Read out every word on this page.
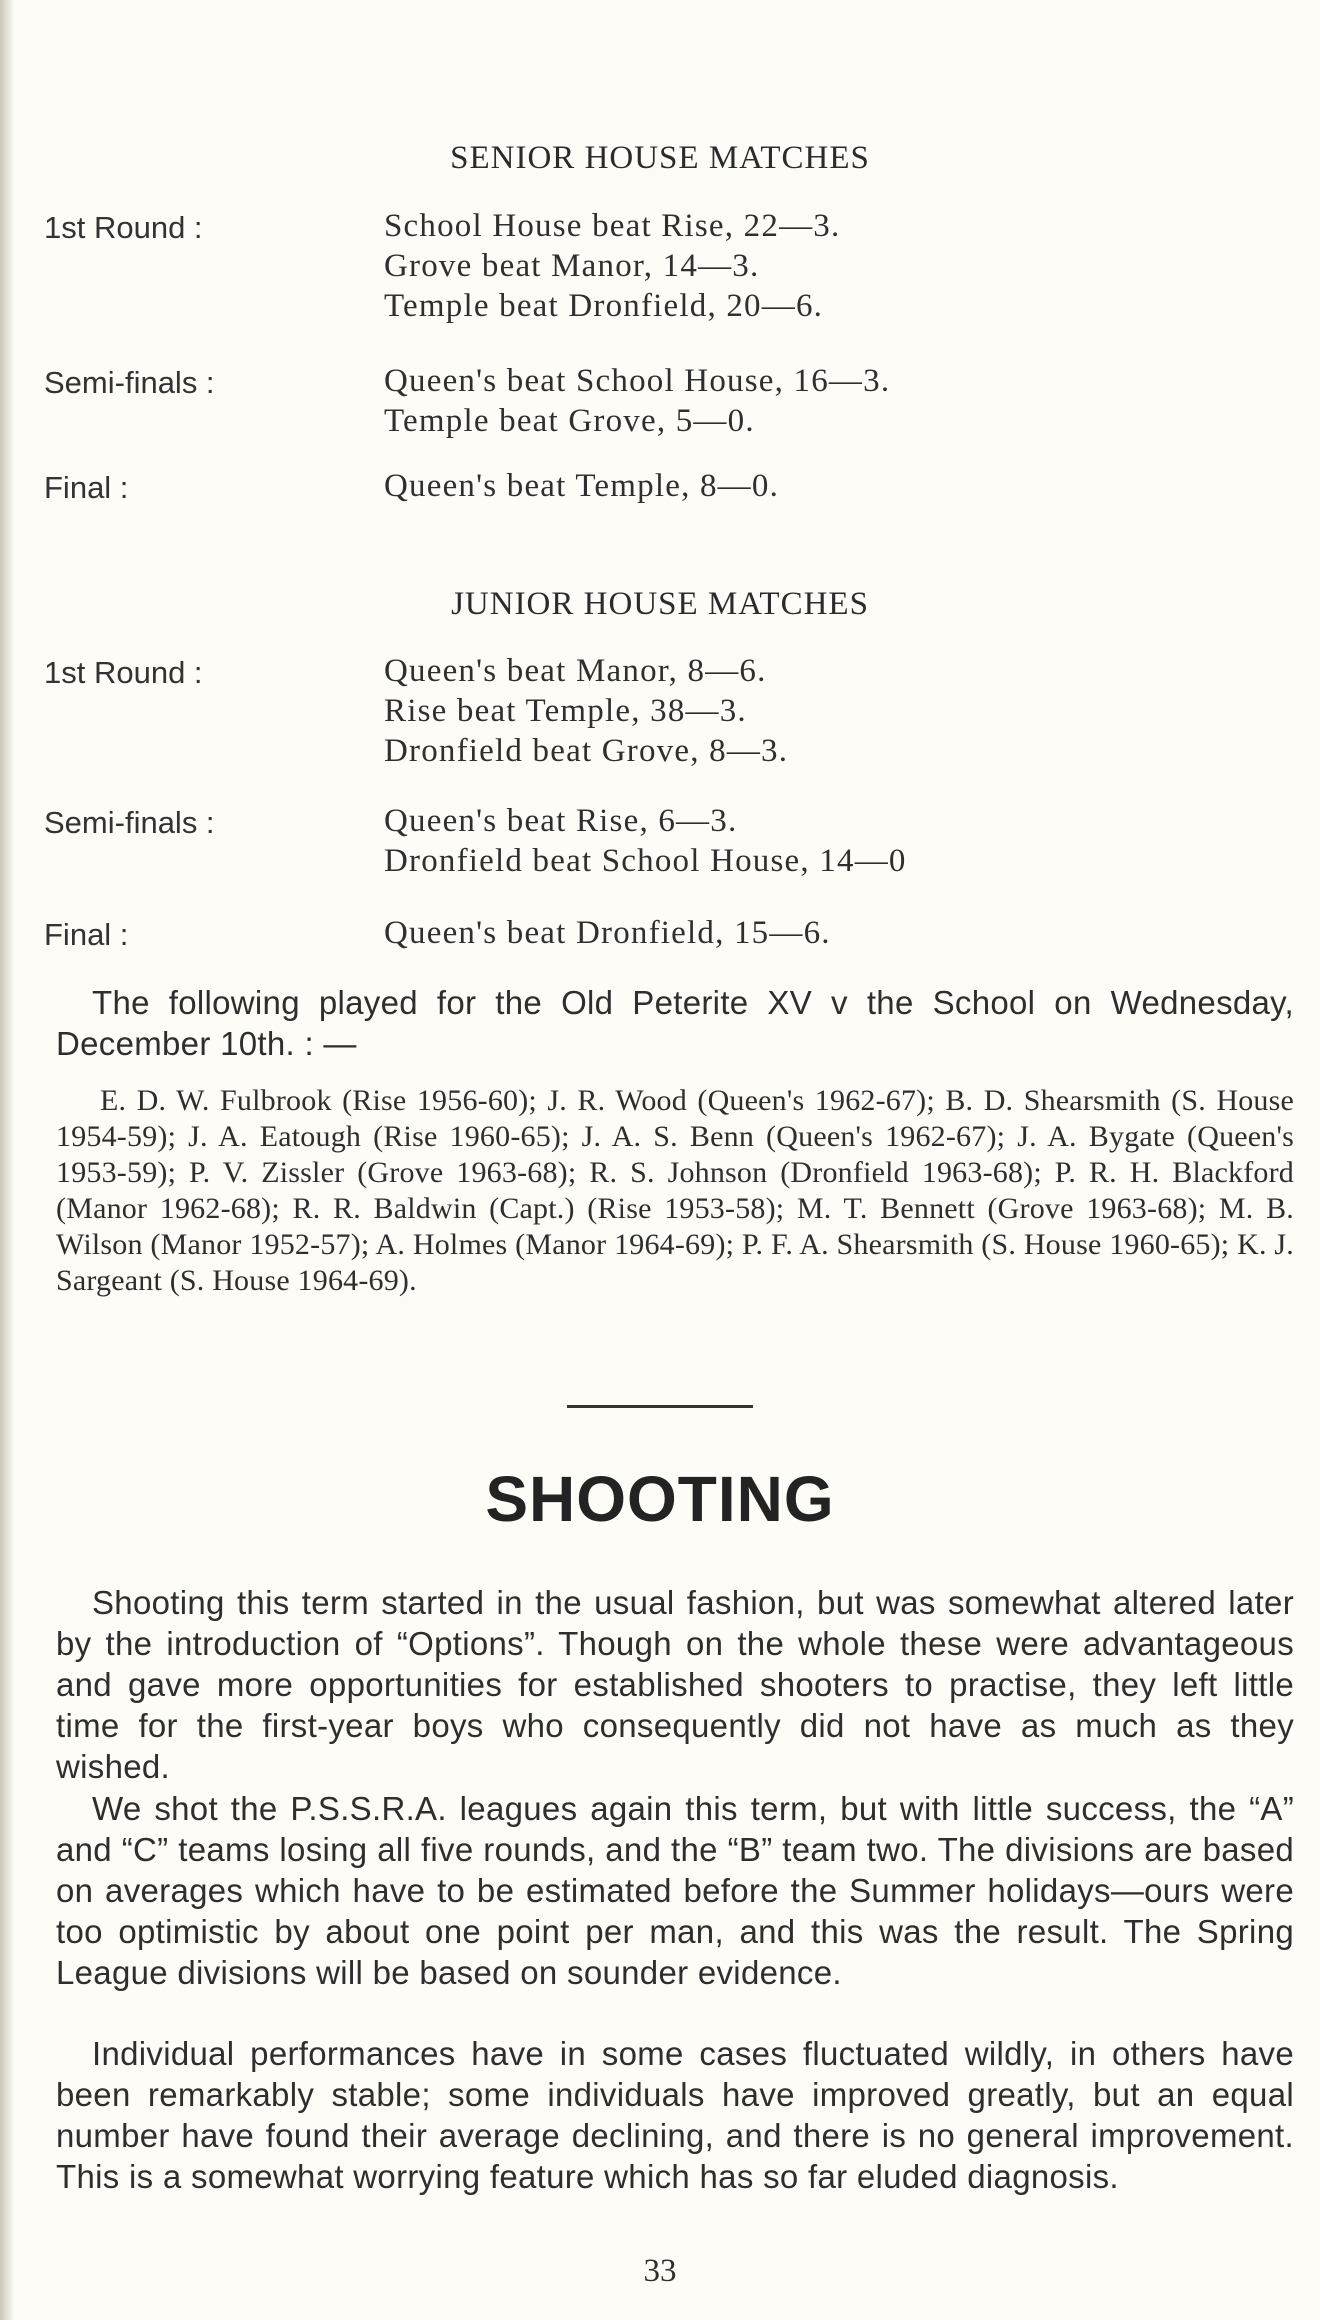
SENIOR HOUSE MATCHES
1st Round :	School House beat Rise, 22—3.
Grove beat Manor, 14—3.
Temple beat Dronfield, 20—6.
Semi-finals :	Queen's beat School House, 16—3.
Temple beat Grove, 5—0.
Final :	Queen's beat Temple, 8—0.
JUNIOR HOUSE MATCHES
1st Round :	Queen's beat Manor, 8—6.
Rise beat Temple, 38—3.
Dronfield beat Grove, 8—3.
Semi-finals :	Queen's beat Rise, 6—3.
Dronfield beat School House, 14—0
Final :	Queen's beat Dronfield, 15—6.
The following played for the Old Peterite XV v the School on Wednesday, December 10th. : —
E. D. W. Fulbrook (Rise 1956-60); J. R. Wood (Queen's 1962-67); B. D. Shearsmith (S. House 1954-59); J. A. Eatough (Rise 1960-65); J. A. S. Benn (Queen's 1962-67); J. A. Bygate (Queen's 1953-59); P. V. Zissler (Grove 1963-68); R. S. Johnson (Dronfield 1963-68); P. R. H. Blackford (Manor 1962-68); R. R. Baldwin (Capt.) (Rise 1953-58); M. T. Bennett (Grove 1963-68); M. B. Wilson (Manor 1952-57); A. Holmes (Manor 1964-69); P. F. A. Shearsmith (S. House 1960-65); K. J. Sargeant (S. House 1964-69).
SHOOTING
Shooting this term started in the usual fashion, but was somewhat altered later by the introduction of “Options”. Though on the whole these were advantageous and gave more opportunities for established shooters to practise, they left little time for the first-year boys who consequently did not have as much as they wished.
We shot the P.S.S.R.A. leagues again this term, but with little success, the “A” and “C” teams losing all five rounds, and the “B” team two. The divisions are based on averages which have to be estimated before the Summer holidays—ours were too optimistic by about one point per man, and this was the result. The Spring League divisions will be based on sounder evidence.
Individual performances have in some cases fluctuated wildly, in others have been remarkably stable; some individuals have improved greatly, but an equal number have found their average declining, and there is no general improvement. This is a somewhat worrying feature which has so far eluded diagnosis.
33
